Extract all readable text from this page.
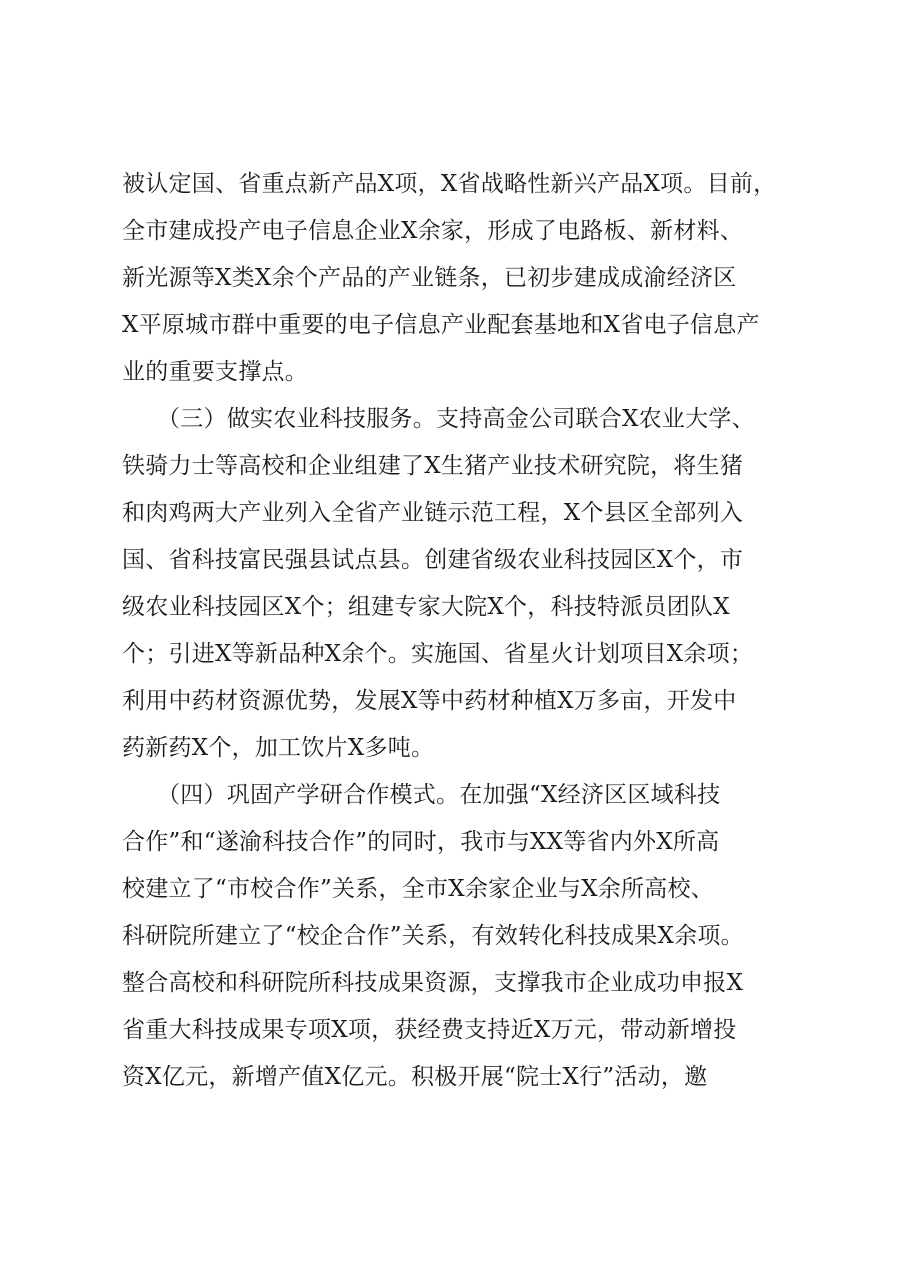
被认定国、省重点新产品X项，X省战略性新兴产品X项。目前，
全市建成投产电子信息企业X余家，形成了电路板、新材料、
新光源等X类X余个产品的产业链条，已初步建成成渝经济区
X平原城市群中重要的电子信息产业配套基地和X省电子信息产
业的重要支撑点。
　　（三）做实农业科技服务。支持高金公司联合X农业大学、
铁骑力士等高校和企业组建了X生猪产业技术研究院，将生猪
和肉鸡两大产业列入全省产业链示范工程，X个县区全部列入
国、省科技富民强县试点县。创建省级农业科技园区X个，市
级农业科技园区X个；组建专家大院X个，科技特派员团队X
个；引进X等新品种X余个。实施国、省星火计划项目X余项；
利用中药材资源优势，发展X等中药材种植X万多亩，开发中
药新药X个，加工饮片X多吨。
　　（四）巩固产学研合作模式。在加强“X经济区区域科技
合作”和“遂渝科技合作”的同时，我市与XX等省内外X所高
校建立了“市校合作”关系，全市X余家企业与X余所高校、
科研院所建立了“校企合作”关系，有效转化科技成果X余项。
整合高校和科研院所科技成果资源，支撑我市企业成功申报X
省重大科技成果专项X项，获经费支持近X万元，带动新增投
资X亿元，新增产值X亿元。积极开展“院士X行”活动，邀
